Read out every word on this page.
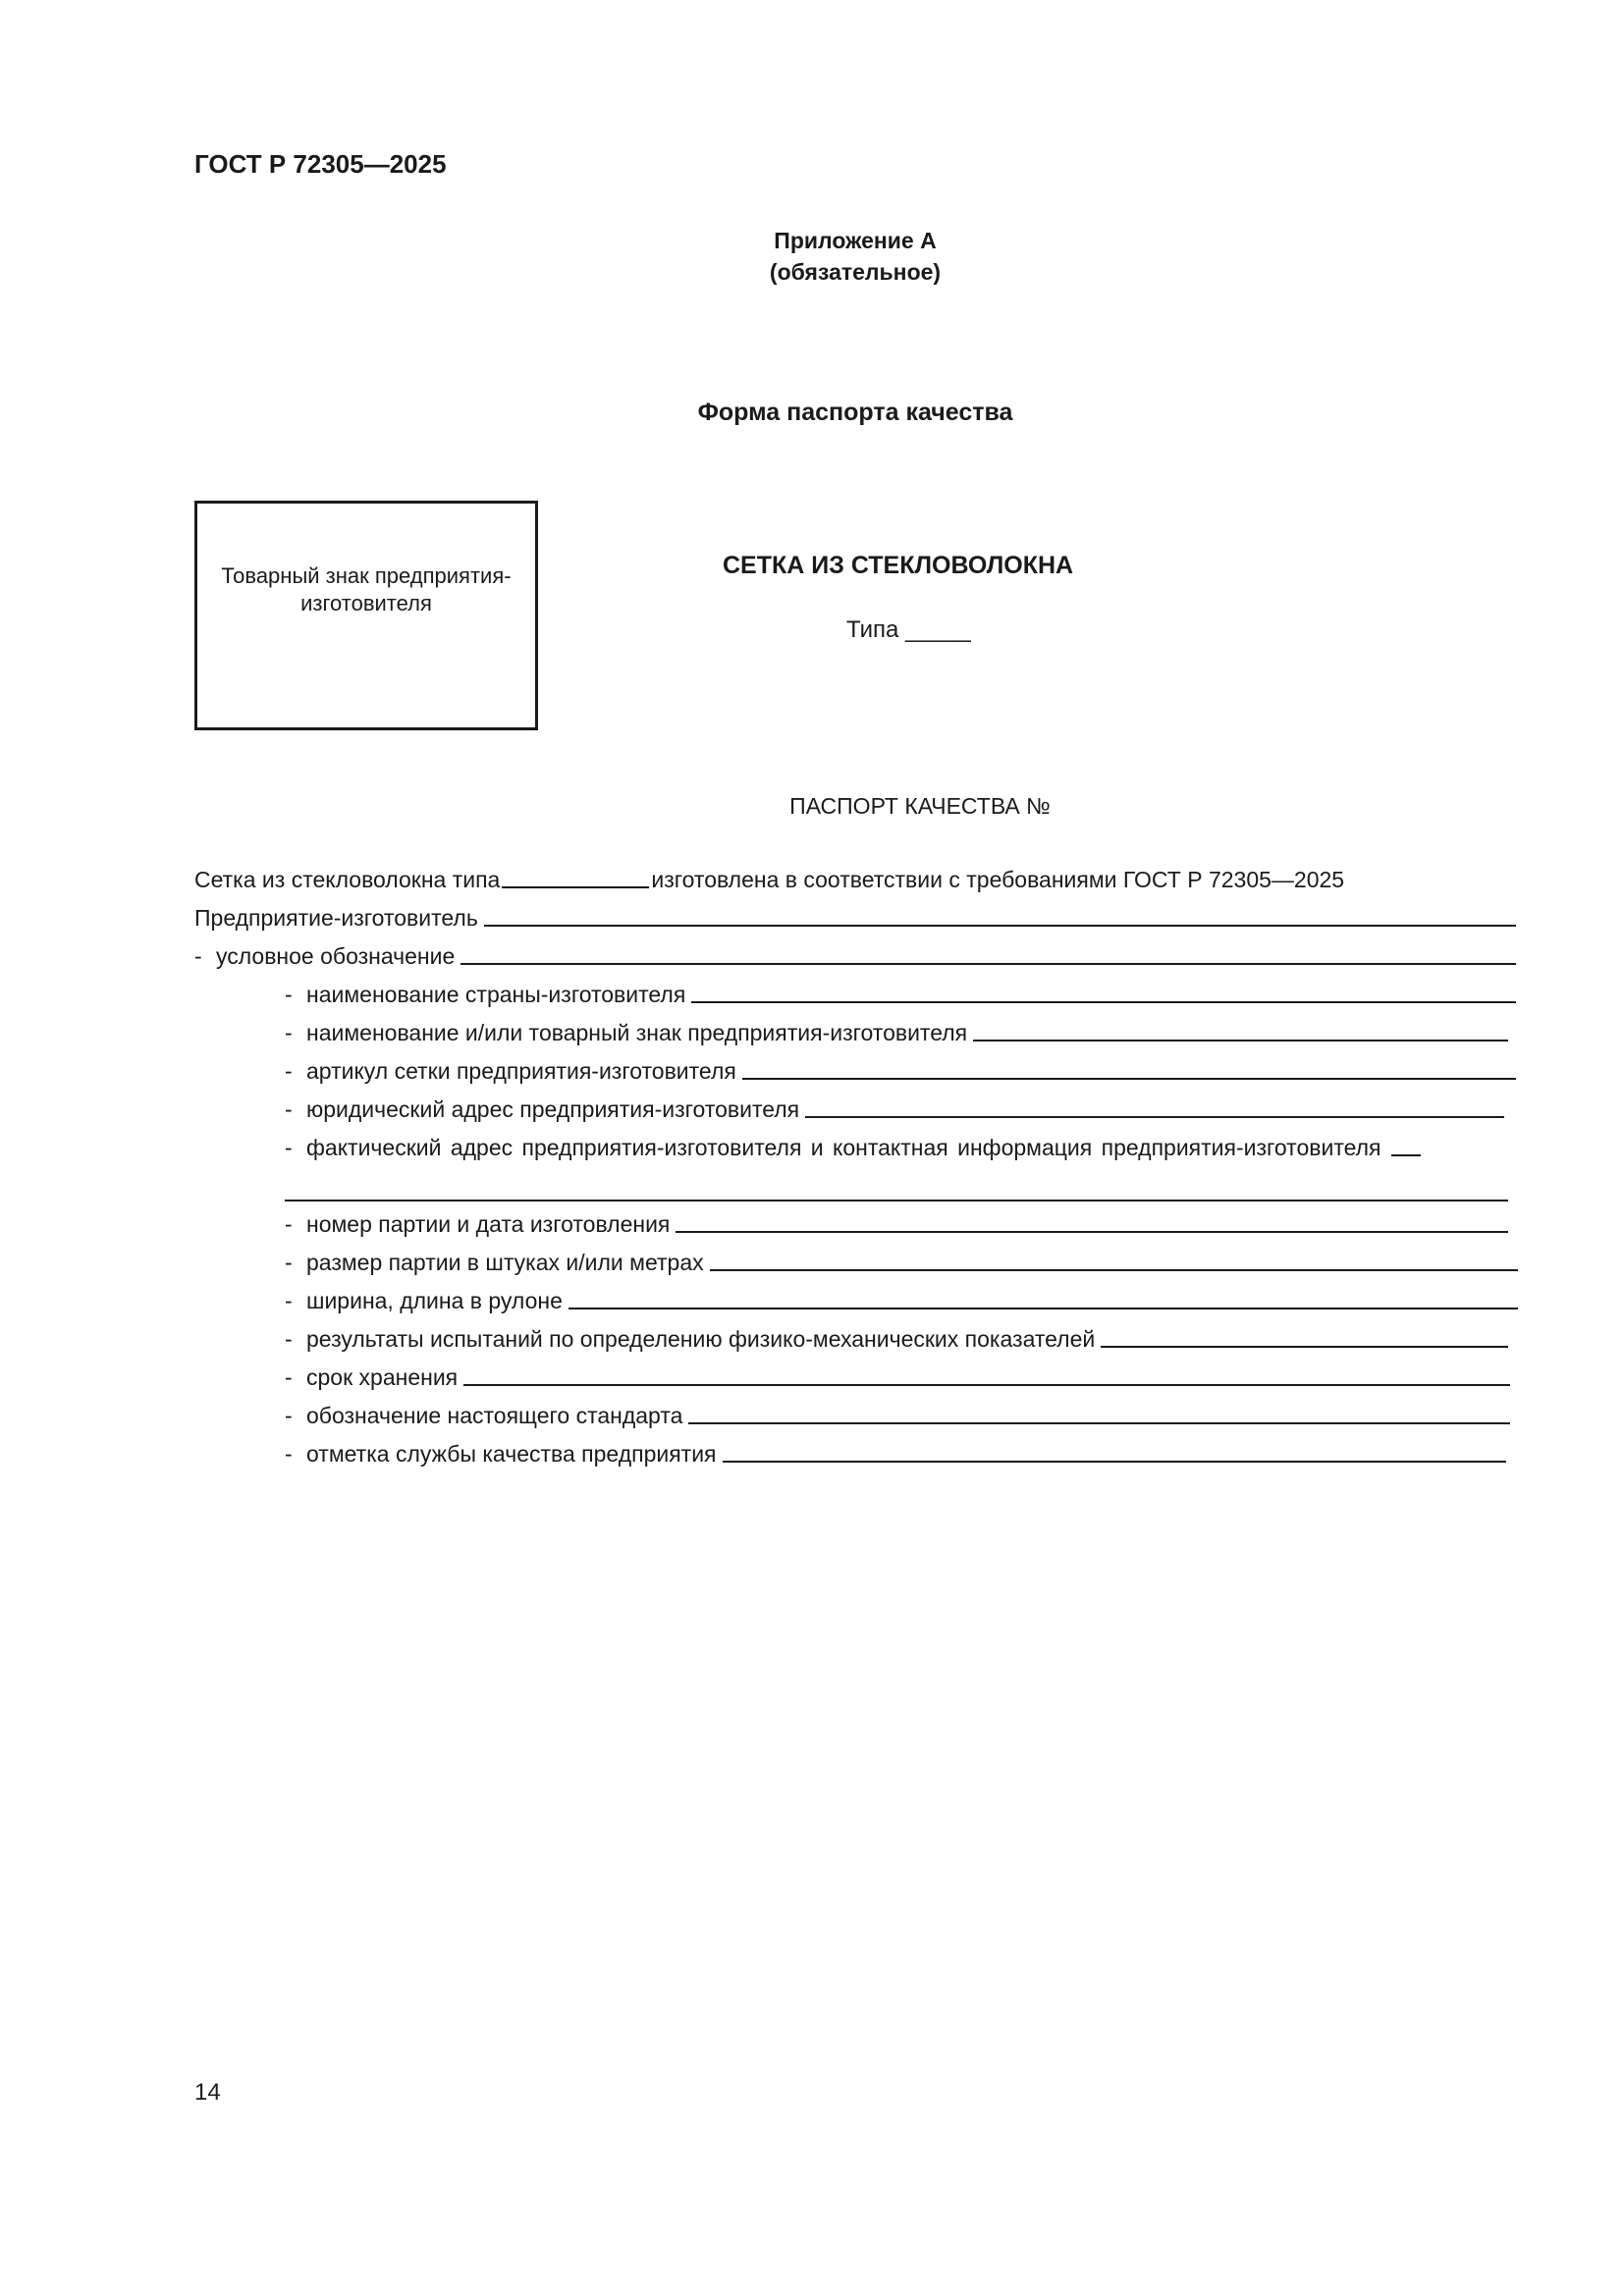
ГОСТ Р 72305—2025
Приложение А
(обязательное)
Форма паспорта качества
Товарный знак предприятия-изготовителя
СЕТКА ИЗ СТЕКЛОВОЛОКНА
Типа _____
ПАСПОРТ КАЧЕСТВА №
Сетка из стекловолокна типа	изготовлена в соответствии с требованиями ГОСТ Р 72305—2025
Предприятие-изготовитель
- условное обозначение
- наименование страны-изготовителя
- наименование и/или товарный знак предприятия-изготовителя
- артикул сетки предприятия-изготовителя
- юридический адрес предприятия-изготовителя
- фактический адрес предприятия-изготовителя и контактная информация предприятия-изготовителя
- номер партии и дата изготовления
- размер партии в штуках и/или метрах
- ширина, длина в рулоне
- результаты испытаний по определению физико-механических показателей
- срок хранения
- обозначение настоящего стандарта
- отметка службы качества предприятия
14
